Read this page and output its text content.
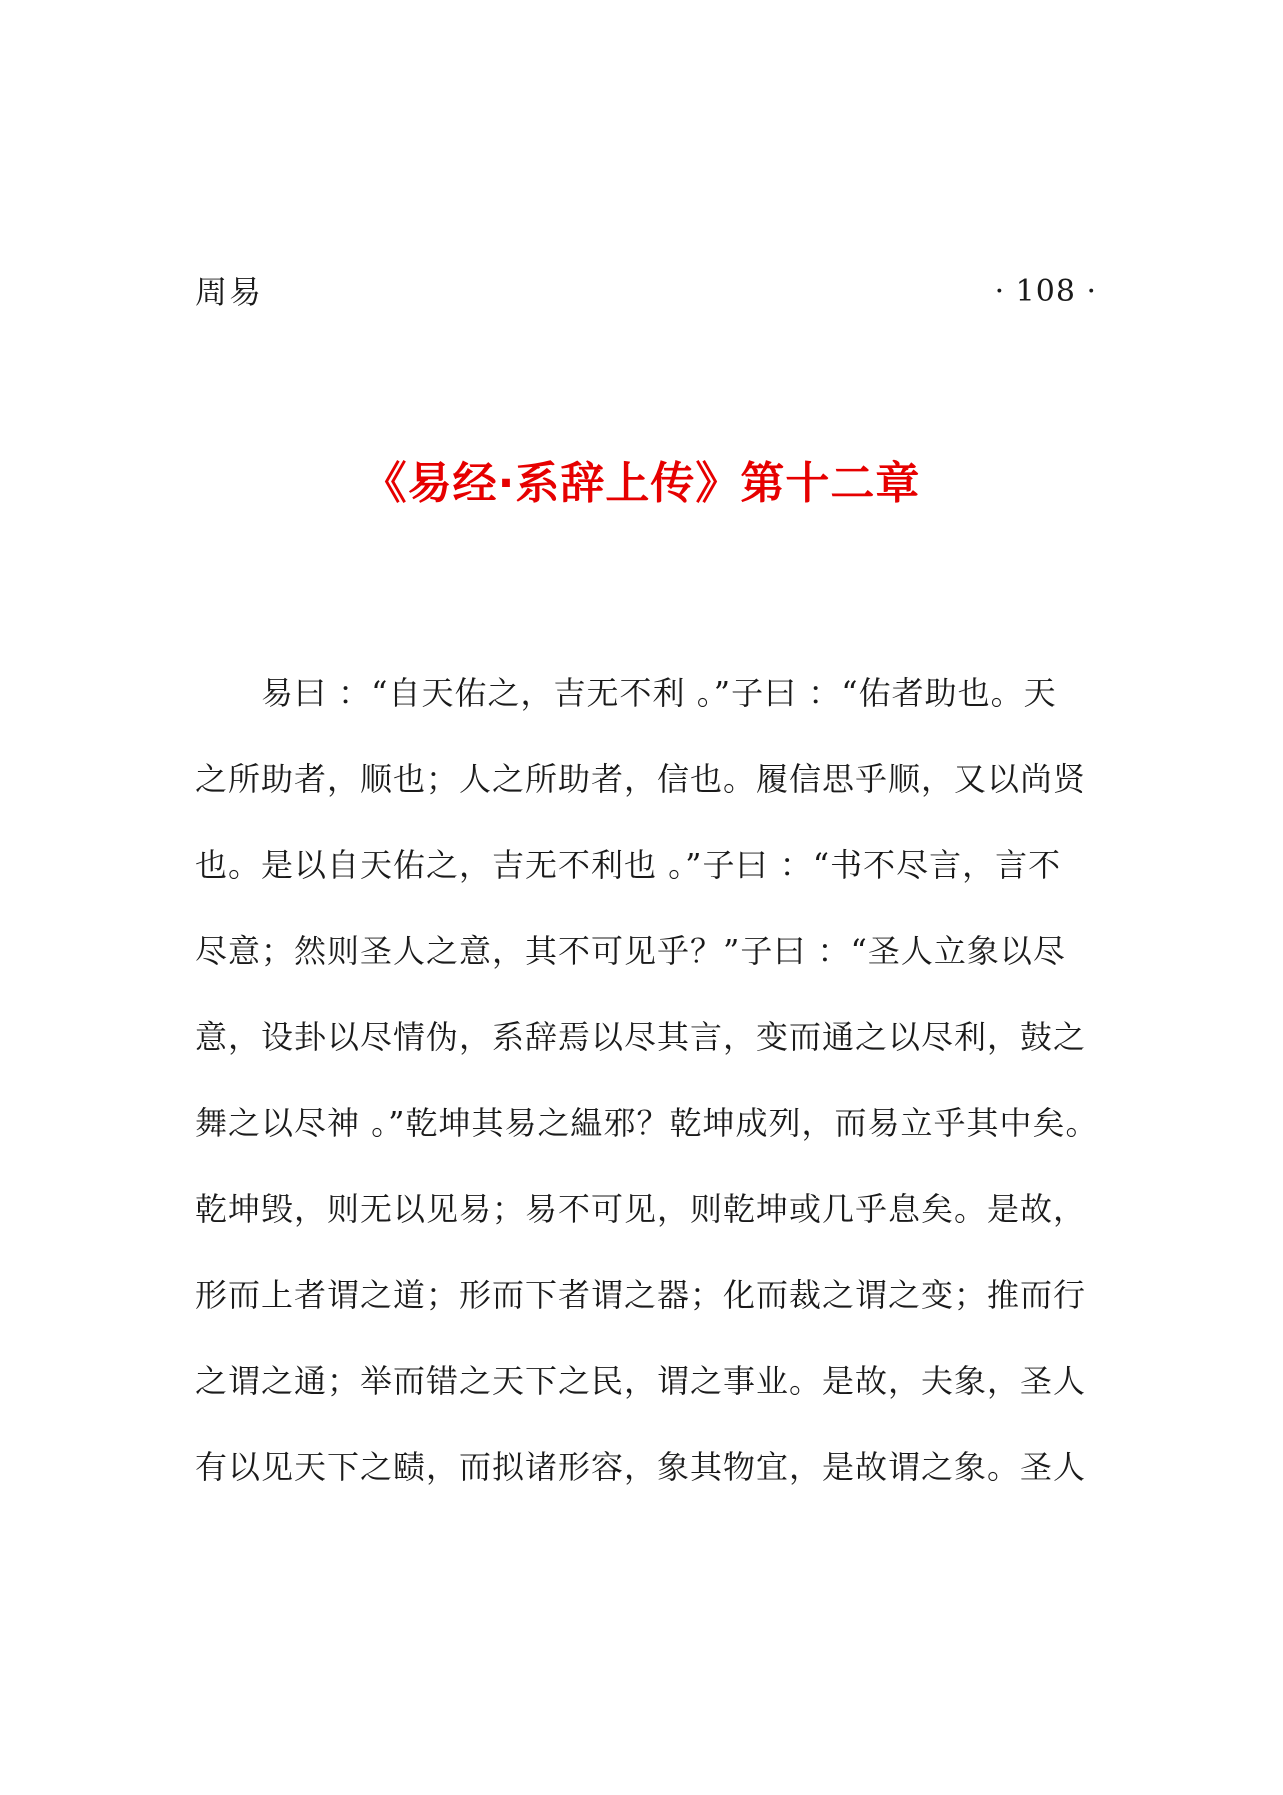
周易	· 108 ·
《易经·系辞上传》第十二章
　　易曰 ：“自天佑之，吉无不利 。”子曰 ：“佑者助也。天
之所助者，顺也；人之所助者，信也。履信思乎顺，又以尚贤
也。是以自天佑之，吉无不利也 。”子曰 ：“书不尽言，言不
尽意；然则圣人之意，其不可见乎？”子曰 ：“圣人立象以尽
意，设卦以尽情伪，系辞焉以尽其言，变而通之以尽利，鼓之
舞之以尽神 。”乾坤其易之緼邪？乾坤成列，而易立乎其中矣。
乾坤毁，则无以见易；易不可见，则乾坤或几乎息矣。是故，
形而上者谓之道；形而下者谓之器；化而裁之谓之变；推而行
之谓之通；举而错之天下之民，谓之事业。是故，夫象，圣人
有以见天下之赜，而拟诸形容，象其物宜，是故谓之象。圣人
